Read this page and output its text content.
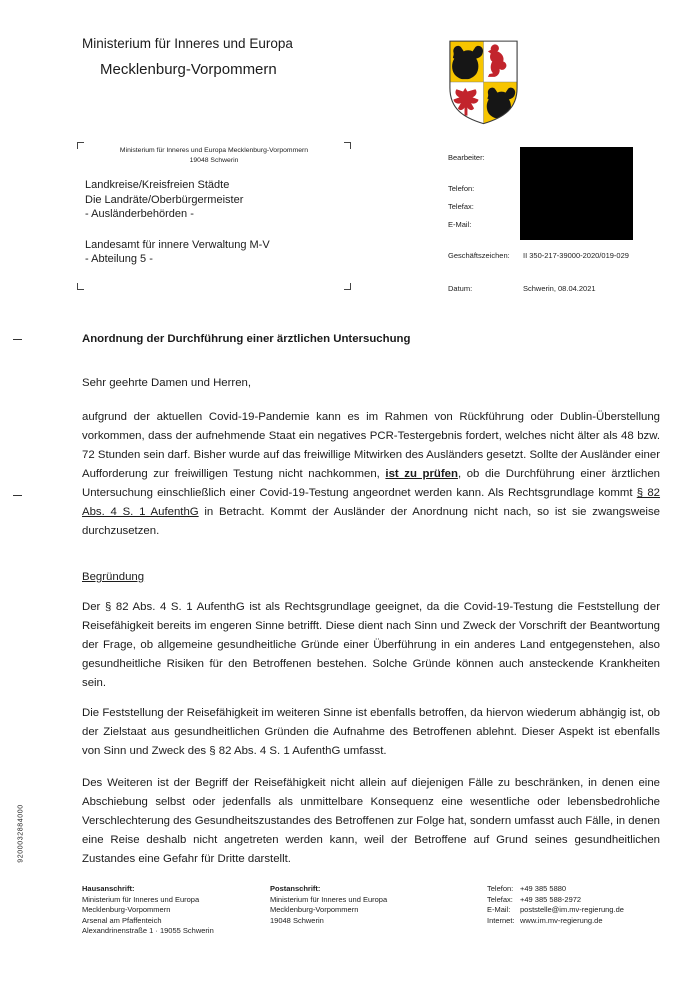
Ministerium für Inneres und Europa
Mecklenburg-Vorpommern
Ministerium für Inneres und Europa Mecklenburg-Vorpommern
19048 Schwerin
Landkreise/Kreisfreien Städte
Die Landräte/Oberbürgermeister
- Ausländerbehörden -
Landesamt für innere Verwaltung M-V
- Abteilung 5 -
Bearbeiter:
Telefon:
Telefax:
E-Mail:
Geschäftszeichen: II 350-217-39000-2020/019-029
Datum:	Schwerin, 08.04.2021
Anordnung der Durchführung einer ärztlichen Untersuchung
Sehr geehrte Damen und Herren,
aufgrund der aktuellen Covid-19-Pandemie kann es im Rahmen von Rückführung oder Dublin-Überstellung vorkommen, dass der aufnehmende Staat ein negatives PCR-Testergebnis fordert, welches nicht älter als 48 bzw. 72 Stunden sein darf. Bisher wurde auf das freiwillige Mitwirken des Ausländers gesetzt. Sollte der Ausländer einer Aufforderung zur freiwilligen Testung nicht nachkommen, ist zu prüfen, ob die Durchführung einer ärztlichen Untersuchung einschließlich einer Covid-19-Testung angeordnet werden kann. Als Rechtsgrundlage kommt § 82 Abs. 4 S. 1 AufenthG in Betracht. Kommt der Ausländer der Anordnung nicht nach, so ist sie zwangsweise durchzusetzen.
Begründung
Der § 82 Abs. 4 S. 1 AufenthG ist als Rechtsgrundlage geeignet, da die Covid-19-Testung die Feststellung der Reisefähigkeit bereits im engeren Sinne betrifft. Diese dient nach Sinn und Zweck der Vorschrift der Beantwortung der Frage, ob allgemeine gesundheitliche Gründe einer Überführung in ein anderes Land entgegenstehen, also gesundheitliche Risiken für den Betroffenen bestehen. Solche Gründe können auch ansteckende Krankheiten sein.
Die Feststellung der Reisefähigkeit im weiteren Sinne ist ebenfalls betroffen, da hiervon wiederum abhängig ist, ob der Zielstaat aus gesundheitlichen Gründen die Aufnahme des Betroffenen ablehnt. Dieser Aspekt ist ebenfalls von Sinn und Zweck des § 82 Abs. 4 S. 1 AufenthG umfasst.
Des Weiteren ist der Begriff der Reisefähigkeit nicht allein auf diejenigen Fälle zu beschränken, in denen eine Abschiebung selbst oder jedenfalls als unmittelbare Konsequenz eine wesentliche oder lebensbedrohliche Verschlechterung des Gesundheitszustandes des Betroffenen zur Folge hat, sondern umfasst auch Fälle, in denen eine Reise deshalb nicht angetreten werden kann, weil der Betroffene auf Grund seines gesundheitlichen Zustandes eine Gefahr für Dritte darstellt.
9200032884000
Hausanschrift:
Ministerium für Inneres und Europa
Mecklenburg-Vorpommern
Arsenal am Pfaffenteich
Alexandrinenstraße 1 · 19055 Schwerin
Postanschrift:
Ministerium für Inneres und Europa
Mecklenburg-Vorpommern
19048 Schwerin
Telefon: +49 385 5880
Telefax: +49 385 588-2972
E-Mail: poststelle@im.mv-regierung.de
Internet: www.im.mv-regierung.de
